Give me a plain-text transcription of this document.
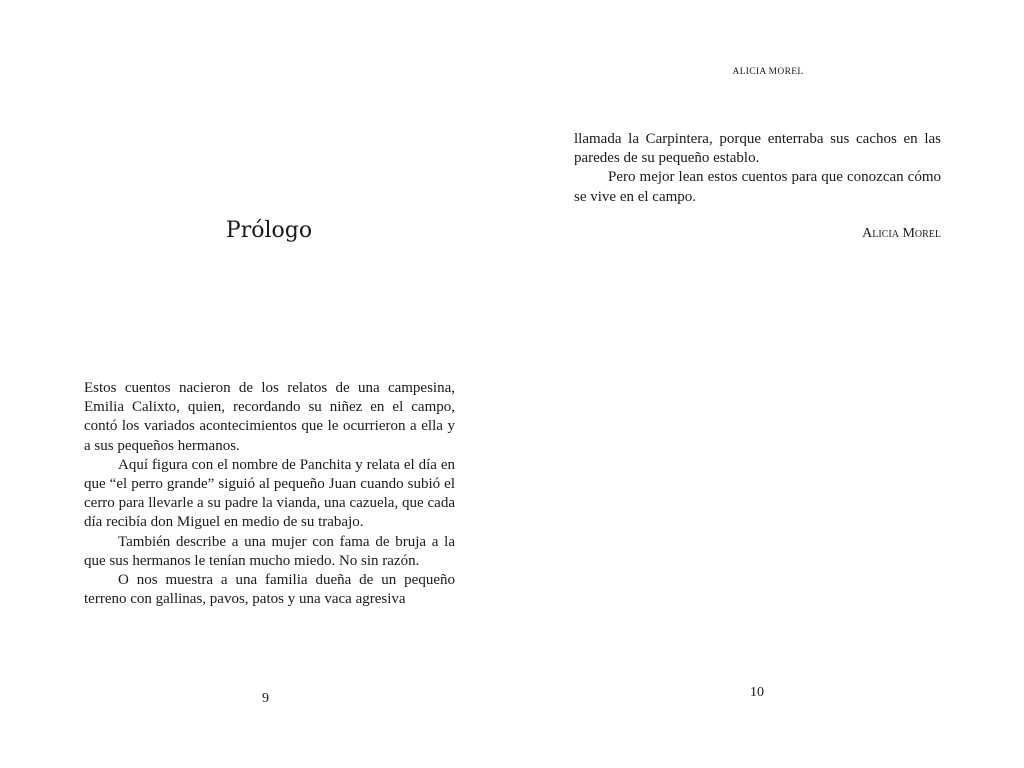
Prólogo

Estos cuentos nacieron de los relatos de una campesina, Emilia Calixto, quien, recordando su niñez en el campo, contó los variados acontecimientos que le ocurrieron a ella y a sus pequeños hermanos.

Aquí figura con el nombre de Panchita y relata el día en que “el perro grande” siguió al pequeño Juan cuando subió el cerro para llevarle a su padre la vianda, una cazuela, que cada día recibía don Miguel en medio de su trabajo.

También describe a una mujer con fama de bruja a la que sus hermanos le tenían mucho miedo. No sin razón.

O nos muestra a una familia dueña de un pequeño terreno con gallinas, pavos, patos y una vaca agresiva

9
ALICIA MOREL

llamada la Carpintera, porque enterraba sus cachos en las paredes de su pequeño establo.

Pero mejor lean estos cuentos para que conozcan cómo se vive en el campo.

Alicia Morel
10
